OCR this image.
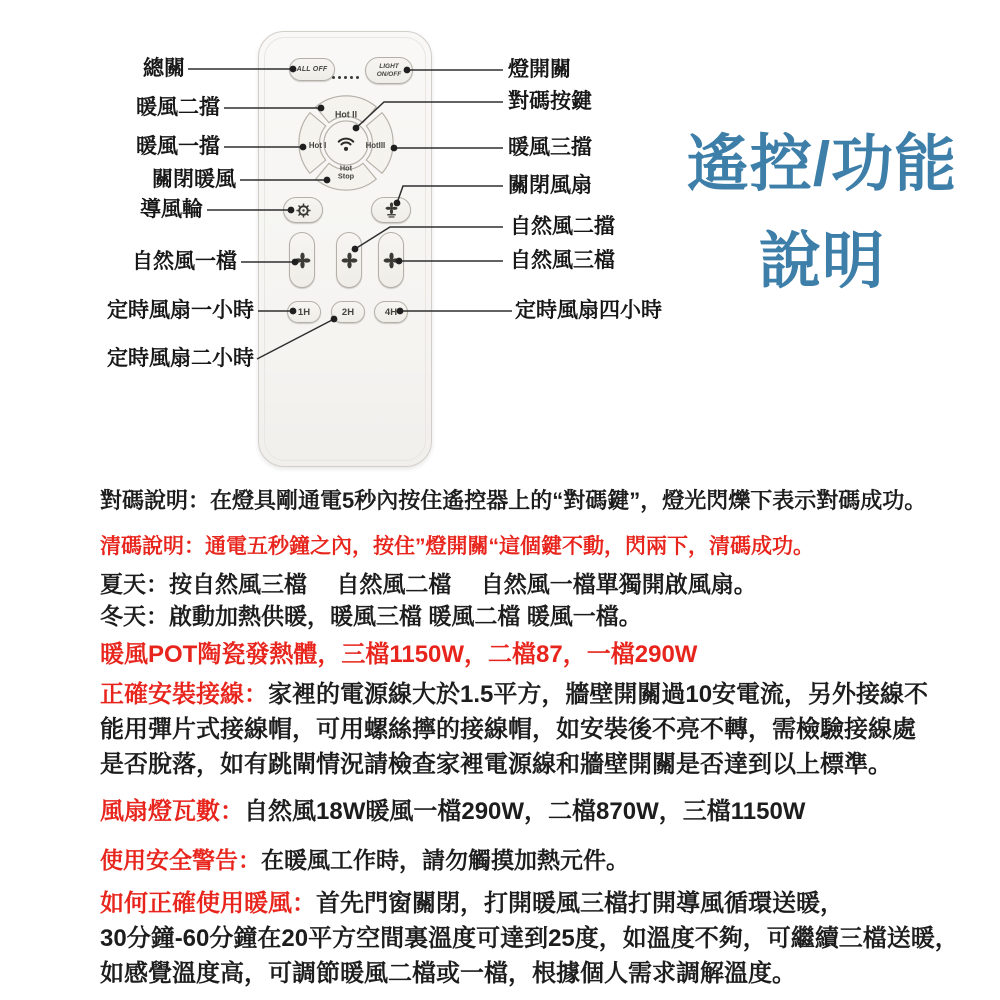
ALL OFF	LIGHT
ON/OFF
Hot II
Hot I	HotIII
Hot
Stop
1H	2H	4H
總關
暖風二擋
暖風一擋
關閉暖風
導風輪
自然風一檔
定時風扇一小時
定時風扇二小時
燈開關
對碼按鍵
暖風三擋
關閉風扇
自然風二擋
自然風三檔
定時風扇四小時
遙控/功能
說明
對碼說明：在燈具剛通電5秒內按住遙控器上的“對碼鍵”，燈光閃爍下表示對碼成功。
清碼說明：通電五秒鐘之內，按住”燈開關“這個鍵不動，閃兩下，清碼成功。
夏天：按自然風三檔　 自然風二檔　 自然風一檔單獨開啟風扇。
冬天：啟動加熱供暖，暖風三檔 暖風二檔 暖風一檔。
暖風POT陶瓷發熱體，三檔1150W，二檔87，一檔290W
正確安裝接線：家裡的電源線大於1.5平方，牆壁開關過10安電流，另外接線不
能用彈片式接線帽，可用螺絲擰的接線帽，如安裝後不亮不轉，需檢驗接線處
是否脫落，如有跳閘情況請檢查家裡電源線和牆壁開關是否達到以上標準。
風扇燈瓦數：自然風18W暖風一檔290W，二檔870W，三檔1150W
使用安全警告：在暖風工作時，請勿觸摸加熱元件。
如何正確使用暖風：首先門窗關閉，打開暖風三檔打開導風循環送暖，
30分鐘-60分鐘在20平方空間裏溫度可達到25度，如溫度不夠，可繼續三檔送暖，
如感覺溫度高，可調節暖風二檔或一檔，根據個人需求調解溫度。
